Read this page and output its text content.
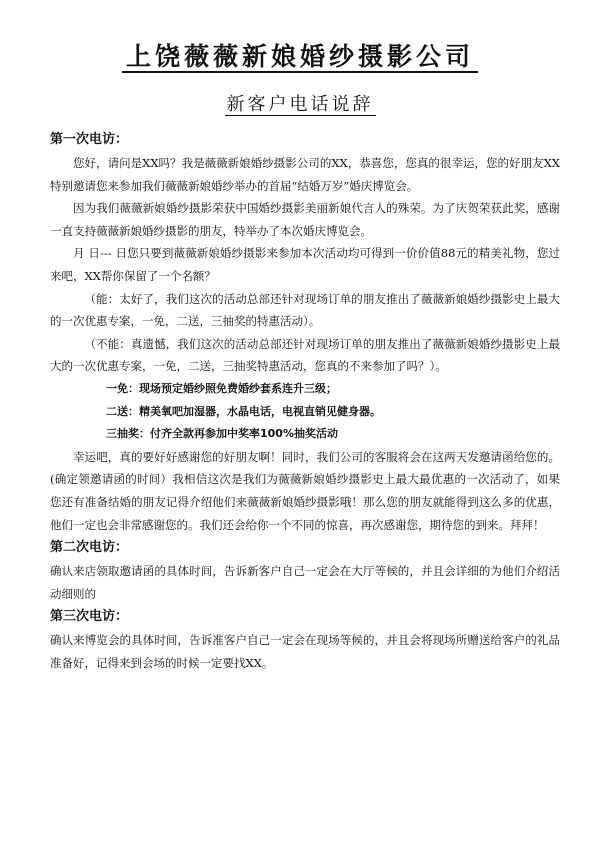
上饶薇薇新娘婚纱摄影公司
新客户电话说辞
第一次电访：

您好，请问是XX吗？我是薇薇新娘婚纱摄影公司的XX，恭喜您，您真的很幸运，您的好朋友XX特别邀请您来参加我们薇薇新娘婚纱举办的首届“结婚万岁”婚庆博览会。

因为我们薇薇新娘婚纱摄影荣获中国婚纱摄影美丽新娘代言人的殊荣。为了庆贺荣获此奖，感谢一直支持薇薇新娘婚纱摄影的朋友，特举办了本次婚庆博览会。

月 日--- 日您只要到薇薇新娘婚纱摄影来参加本次活动均可得到一价价值88元的精美礼物，您过来吧，XX帮你保留了一个名额？

（能：太好了，我们这次的活动总部还针对现场订单的朋友推出了薇薇新娘婚纱摄影史上最大的一次优惠专案，一免，二送，三抽奖的特惠活动）。

（不能：真遗憾，我们这次的活动总部还针对现场订单的朋友推出了薇薇新娘婚纱摄影史上最大的一次优惠专案，一免，二送，三抽奖特惠活动，您真的不来参加了吗？）。

一免：现场预定婚纱照免费婚纱套系连升三级；

二送：精美氧吧加湿器，水晶电话，电视直销见健身器。

三抽奖：付齐全款再参加中奖率100%抽奖活动

幸运吧，真的要好好感谢您的好朋友啊！同时，我们公司的客服将会在这两天发邀请函给您的。(确定领邀请函的时间）我相信这次是我们为薇薇新娘婚纱摄影史上最大最优惠的一次活动了，如果您还有准备结婚的朋友记得介绍他们来薇薇新娘婚纱摄影哦！那么您的朋友就能得到这么多的优惠，他们一定也会非常感谢您的。我们还会给你一个不同的惊喜，再次感谢您，期待您的到来。拜拜！

第二次电访：

确认来店领取邀请函的具体时间，告诉新客户自己一定会在大厅等候的，并且会详细的为他们介绍活动细则的

第三次电访：

确认来博览会的具体时间，告诉准客户自己一定会在现场等候的，并且会将现场所赠送给客户的礼品准备好，记得来到会场的时候一定要找XX。
